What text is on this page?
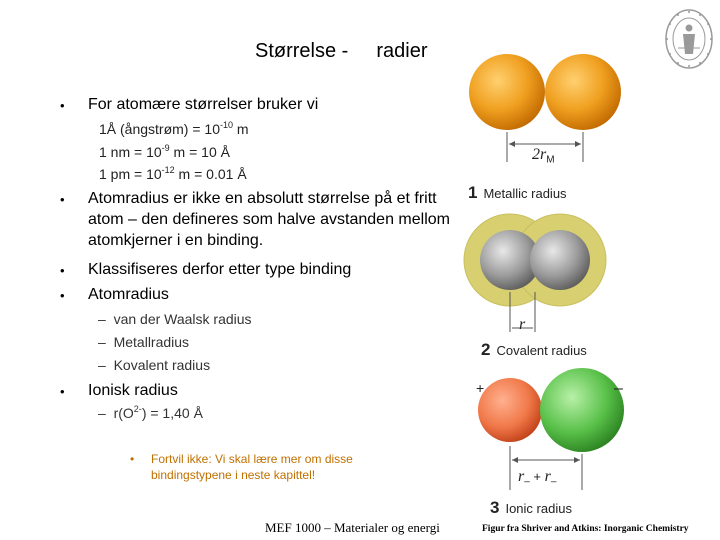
Størrelse - radier
• For atomære størrelser bruker vi
1Å (ångstrøm) = $10^{-10}$ m
1 nm = $10^{-9}$ m = 10 Å
1 pm = $10^{-12}$ m = 0.01 Å
• Atomradius er ikke en absolutt størrelse på et fritt atom – den defineres som halve avstanden mellom atomkjerner i en binding.
• Klassifiseres derfor etter type binding
• Atomradius
– van der Waalsk radius
– Metallradius
– Kovalent radius
• Ionisk radius
– $r(O^{2-}) = 1,40$ Å
• Fortvil ikke: Vi skal lære mer om disse bindingstypene i neste kapittel!
MEF 1000 – Materialer og energi	Figur fra Shriver and Atkins: Inorganic Chemistry
$2r_M$
1 Metallic radius
r
2 Covalent radius
+	–
$r_- + r_-$
3 Ionic radius
